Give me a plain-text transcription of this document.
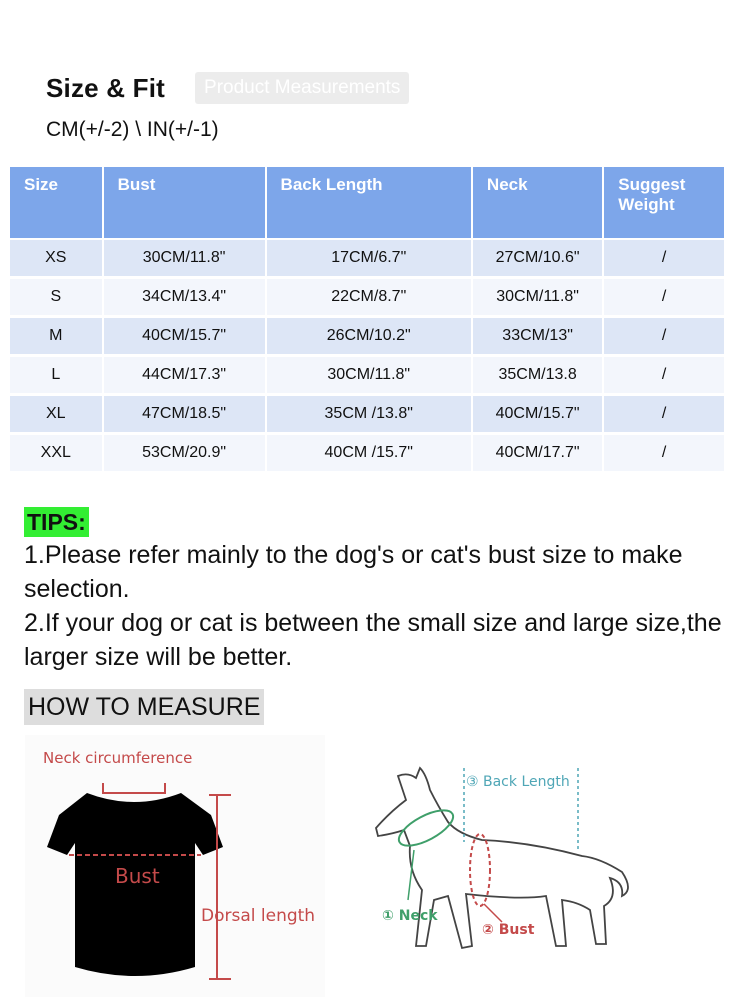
Size & Fit	Product Measurements
CM(+/-2) \ IN(+/-1)
Size	Bust	Back Length	Neck	Suggest Weight
XS	30CM/11.8"	17CM/6.7"	27CM/10.6"	/
S	34CM/13.4"	22CM/8.7"	30CM/11.8"	/
M	40CM/15.7"	26CM/10.2"	33CM/13"	/
L	44CM/17.3"	30CM/11.8"	35CM/13.8	/
XL	47CM/18.5"	35CM /13.8"	40CM/15.7"	/
XXL	53CM/20.9"	40CM /15.7"	40CM/17.7"	/
TIPS:

1.Please refer mainly to the dog's or cat's bust size to make selection.

2.If your dog or cat is between the small size and large size,the larger size will be better.

HOW TO MEASURE
Neck circumference
Bust
Dorsal length
③ Back Length
① Neck
② Bust
